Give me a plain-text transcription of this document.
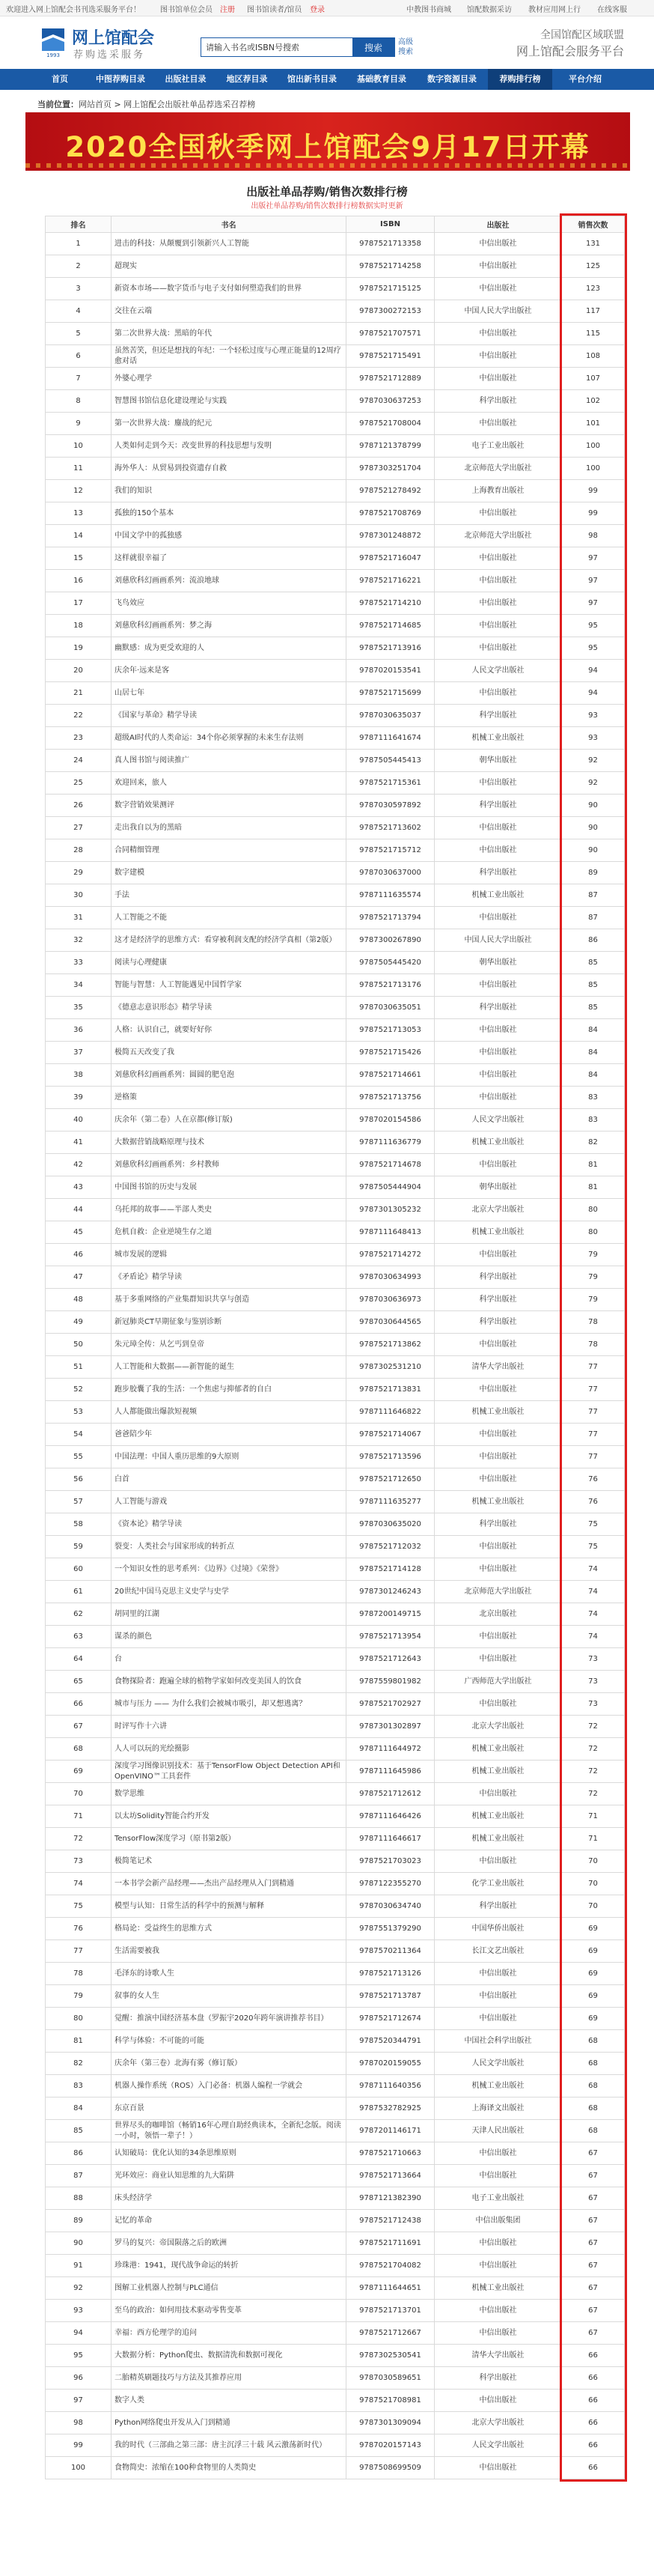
欢迎进入网上馆配会书刊选采服务平台！	图书馆单位会员 注册 图书馆读者/馆员 登录	中教图书商城 馆配数据采访 教材应用网上行 在线客服
1993
网上馆配会
荐购选采服务
请输入书名或ISBN号搜索
搜索	高级搜索
全国馆配区域联盟
网上馆配会服务平台
首页	中图荐购目录	出版社目录	地区荐目录	馆出新书目录	基础教育目录	数字资源目录	荐购排行榜	平台介绍
当前位置：网站首页 > 网上馆配会出版社单品荐选采召荐榜
2020全国秋季网上馆配会9月17日开幕
出版社单品荐购/销售次数排行榜
出版社单品荐购/销售次数排行榜数据实时更新
排名	书名	ISBN	出版社	销售次数
1	进击的科技：从颠覆到引领新兴人工智能	9787521713358	中信出版社	131
2	超现实	9787521714258	中信出版社	125
3	新资本市场——数字货币与电子支付如何塑造我们的世界	9787521715125	中信出版社	123
4	交往在云端	9787300272153	中国人民大学出版社	117
5	第二次世界大战：黑暗的年代	9787521707571	中信出版社	115
6	虽然苦笑，但还是想找的年纪：一个轻松过度与心理正能量的12周疗愈对话	9787521715491	中信出版社	108
7	外婆心理学	9787521712889	中信出版社	107
8	智慧图书馆信息化建设理论与实践	9787030637253	科学出版社	102
9	第一次世界大战：鏖战的纪元	9787521708004	中信出版社	101
10	人类如何走到今天：改变世界的科技思想与发明	9787121378799	电子工业出版社	100
11	海外华人：从贸易到投资遗存自救	9787303251704	北京师范大学出版社	100
12	我们的知识	9787521278492	上海教育出版社	99
13	孤独的150个基本	9787521708769	中信出版社	99
14	中国文学中的孤独感	9787301248872	北京师范大学出版社	98
15	这样就很幸福了	9787521716047	中信出版社	97
16	刘慈欣科幻画画系列：流浪地球	9787521716221	中信出版社	97
17	飞鸟效应	9787521714210	中信出版社	97
18	刘慈欣科幻画画系列：梦之海	9787521714685	中信出版社	95
19	幽默感：成为更受欢迎的人	9787521713916	中信出版社	95
20	庆余年·远来是客	9787020153541	人民文学出版社	94
21	山居七年	9787521715699	中信出版社	94
22	《国家与革命》精学导读	9787030635037	科学出版社	93
23	超级AI时代的人类命运：34个你必须掌握的未来生存法则	9787111641674	机械工业出版社	93
24	真人图书馆与阅读推广	9787505445413	朝华出版社	92
25	欢迎回来，旅人	9787521715361	中信出版社	92
26	数字营销效果测评	9787030597892	科学出版社	90
27	走出我自以为的黑暗	9787521713602	中信出版社	90
28	合同精细管理	9787521715712	中信出版社	90
29	数字建模	9787030637000	科学出版社	89
30	手法	9787111635574	机械工业出版社	87
31	人工智能之不能	9787521713794	中信出版社	87
32	这才是经济学的思维方式：看穿被利润支配的经济学真相（第2版）	9787300267890	中国人民大学出版社	86
33	阅读与心理健康	9787505445420	朝华出版社	85
34	智能与智慧：人工智能遇见中国哲学家	9787521713176	中信出版社	85
35	《德意志意识形态》精学导读	9787030635051	科学出版社	85
36	人格：认识自己，就要好好你	9787521713053	中信出版社	84
37	极简五天改变了我	9787521715426	中信出版社	84
38	刘慈欣科幻画画系列：圆圆的肥皂泡	9787521714661	中信出版社	84
39	逆格策	9787521713756	中信出版社	83
40	庆余年（第二卷）人在京都(修订版)	9787020154586	人民文学出版社	83
41	大数据营销战略原理与技术	9787111636779	机械工业出版社	82
42	刘慈欣科幻画画系列：乡村教师	9787521714678	中信出版社	81
43	中国图书馆的历史与发展	9787505444904	朝华出版社	81
44	乌托邦的故事——半部人类史	9787301305232	北京大学出版社	80
45	危机自救：企业逆境生存之道	9787111648413	机械工业出版社	80
46	城市发展的逻辑	9787521714272	中信出版社	79
47	《矛盾论》精学导读	9787030634993	科学出版社	79
48	基于多重网络的产业集群知识共享与创造	9787030636973	科学出版社	79
49	新冠肺炎CT早期征象与鉴别诊断	9787030644565	科学出版社	78
50	朱元璋全传：从乞丐到皇帝	9787521713862	中信出版社	78
51	人工智能和大数据——新智能的诞生	9787302531210	清华大学出版社	77
52	跑步胶囊了我的生活：一个焦虑与抑郁者的自白	9787521713831	中信出版社	77
53	人人都能做出爆款短视频	9787111646822	机械工业出版社	77
54	爸爸陪少年	9787521714067	中信出版社	77
55	中国法理：中国人重历思维的9大原则	9787521713596	中信出版社	77
56	白首	9787521712650	中信出版社	76
57	人工智能与游戏	9787111635277	机械工业出版社	76
58	《资本论》精学导读	9787030635020	科学出版社	75
59	裂变：人类社会与国家形成的转折点	9787521712032	中信出版社	75
60	一个知识女性的思考系列：《边界》《过境》《荣誉》	9787521714128	中信出版社	74
61	20世纪中国马克思主义史学与史学	9787301246243	北京师范大学出版社	74
62	胡同里的江湖	9787200149715	北京出版社	74
63	谋杀的颜色	9787521713954	中信出版社	74
64	台	9787521712643	中信出版社	73
65	食物探险者：跑遍全球的植物学家如何改变美国人的饮食	9787559801982	广西师范大学出版社	73
66	城市与压力 —— 为什么我们会被城市吸引，却又想逃离？	9787521702927	中信出版社	73
67	时评写作十六讲	9787301302897	北京大学出版社	72
68	人人可以玩的光绘摄影	9787111644972	机械工业出版社	72
69	深度学习图像识别技术：基于TensorFlow Object Detection API和OpenVINO™工具套件	9787111645986	机械工业出版社	72
70	数学思维	9787521712612	中信出版社	72
71	以太坊Solidity智能合约开发	9787111646426	机械工业出版社	71
72	TensorFlow深度学习（原书第2版）	9787111646617	机械工业出版社	71
73	极简笔记术	9787521703023	中信出版社	70
74	一本书学会新产品经理——杰出产品经理从入门到精通	9787122355270	化学工业出版社	70
75	模型与认知：日常生活的科学中的预测与解释	9787030634740	科学出版社	70
76	格局论：受益终生的思维方式	9787551379290	中国华侨出版社	69
77	生活需要被我	9787570211364	长江文艺出版社	69
78	毛泽东的诗歌人生	9787521713126	中信出版社	69
79	叙事的女人生	9787521713787	中信出版社	69
80	觉醒：推演中国经济基本盘（罗振宇2020年跨年演讲推荐书目）	9787521712674	中信出版社	69
81	科学与体验：不可能的可能	9787520344791	中国社会科学出版社	68
82	庆余年（第三卷）北海有雾（修订版）	9787020159055	人民文学出版社	68
83	机器人操作系统（ROS）入门必备：机器人编程一学就会	9787111640356	机械工业出版社	68
84	东京百景	9787532782925	上海译文出版社	68
85	世界尽头的咖啡馆（畅销16年心理自助经典读本，全新纪念版。阅读一小时，领悟一辈子！）	9787201146171	天津人民出版社	68
86	认知破局：优化认知的34条思维原则	9787521710663	中信出版社	67
87	光环效应：商业认知思维的九大陷阱	9787521713664	中信出版社	67
88	床头经济学	9787121382390	电子工业出版社	67
89	记忆的革命	9787521712438	中信出版集团	67
90	罗马的复兴：帝国陨落之后的欧洲	9787521711691	中信出版社	67
91	珍珠港：1941，现代战争命运的转折	9787521704082	中信出版社	67
92	图解工业机器人控制与PLC通信	9787111644651	机械工业出版社	67
93	至乌的政治：如何用技术驱动零售变革	9787521713701	中信出版社	67
94	幸福：西方伦理学的追问	9787521712667	中信出版社	67
95	大数据分析：Python爬虫、数据清洗和数据可视化	9787302530541	清华大学出版社	66
96	二胎精英刷题技巧与方法及其推荐应用	9787030589651	科学出版社	66
97	数字人类	9787521708981	中信出版社	66
98	Python网络爬虫开发从入门到精通	9787301309094	北京大学出版社	66
99	我的时代（三部曲之第三部：唐主沉浮三十载 风云激荡新时代）	9787020157143	人民文学出版社	66
100	食物简史：浓缩在100种食物里的人类简史	9787508699509	中信出版社	66
